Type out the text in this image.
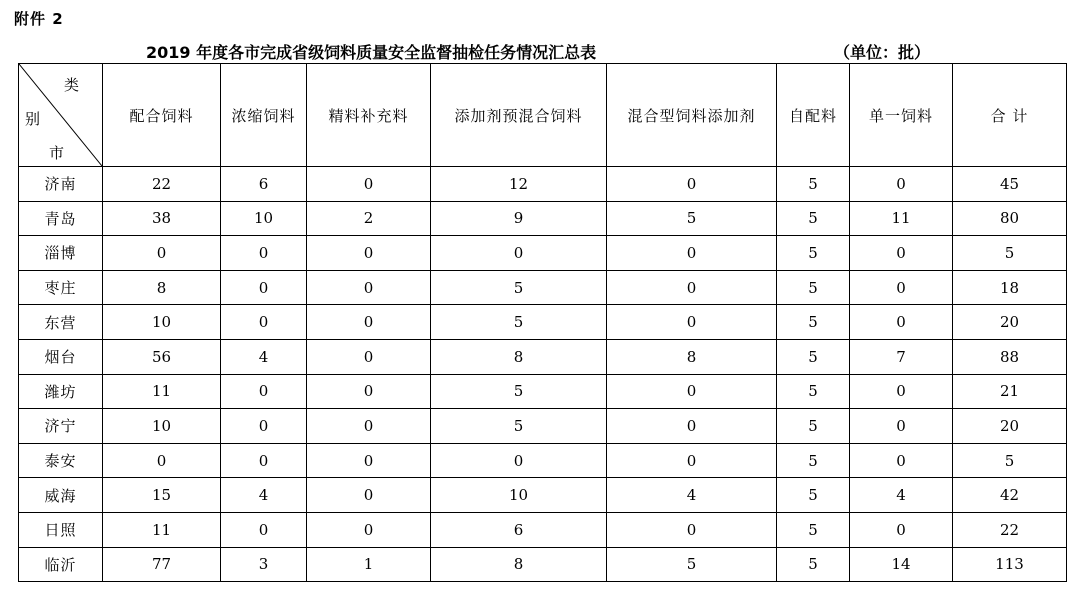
附件 2
2019 年度各市完成省级饲料质量安全监督抽检任务情况汇总表	（单位：批）
类
别
市	配合饲料	浓缩饲料	精料补充料	添加剂预混合饲料	混合型饲料添加剂	自配料	单一饲料	合 计
济南	22	6	0	12	0	5	0	45
青岛	38	10	2	9	5	5	11	80
淄博	0	0	0	0	0	5	0	5
枣庄	8	0	0	5	0	5	0	18
东营	10	0	0	5	0	5	0	20
烟台	56	4	0	8	8	5	7	88
潍坊	11	0	0	5	0	5	0	21
济宁	10	0	0	5	0	5	0	20
泰安	0	0	0	0	0	5	0	5
威海	15	4	0	10	4	5	4	42
日照	11	0	0	6	0	5	0	22
临沂	77	3	1	8	5	5	14	113
